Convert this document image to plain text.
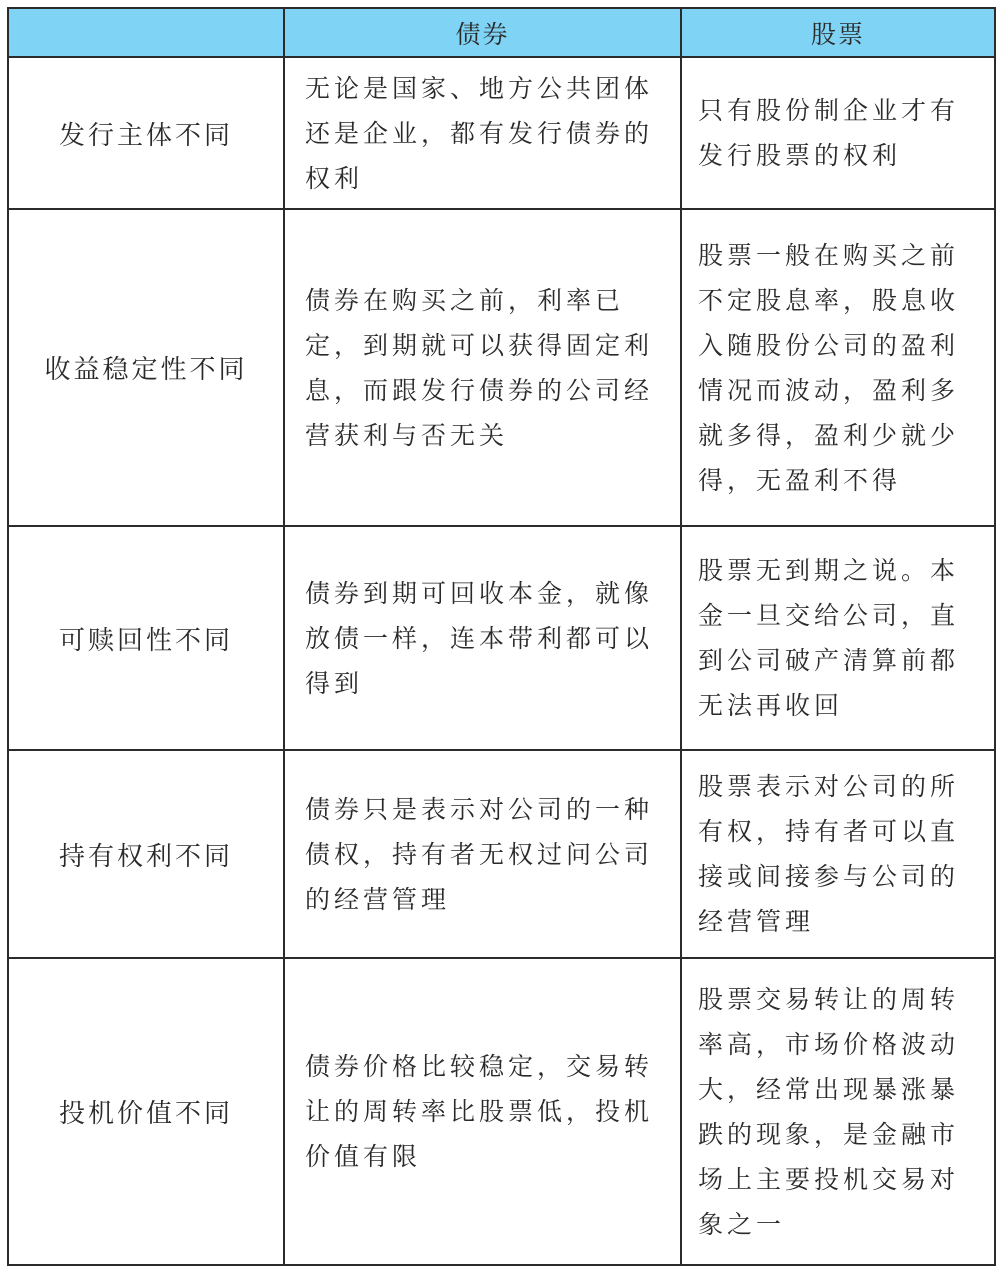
	债券	股票
发行主体不同	无论是国家、地方公共团体还是企业，都有发行债券的权利	只有股份制企业才有发行股票的权利
收益稳定性不同	债券在购买之前，利率已定，到期就可以获得固定利息，而跟发行债券的公司经营获利与否无关	股票一般在购买之前不定股息率，股息收入随股份公司的盈利情况而波动，盈利多就多得，盈利少就少得，无盈利不得
可赎回性不同	债券到期可回收本金，就像放债一样，连本带利都可以得到	股票无到期之说。本金一旦交给公司，直到公司破产清算前都无法再收回
持有权利不同	债券只是表示对公司的一种债权，持有者无权过问公司的经营管理	股票表示对公司的所有权，持有者可以直接或间接参与公司的经营管理
投机价值不同	债券价格比较稳定，交易转让的周转率比股票低，投机价值有限	股票交易转让的周转率高，市场价格波动大，经常出现暴涨暴跌的现象，是金融市场上主要投机交易对象之一
